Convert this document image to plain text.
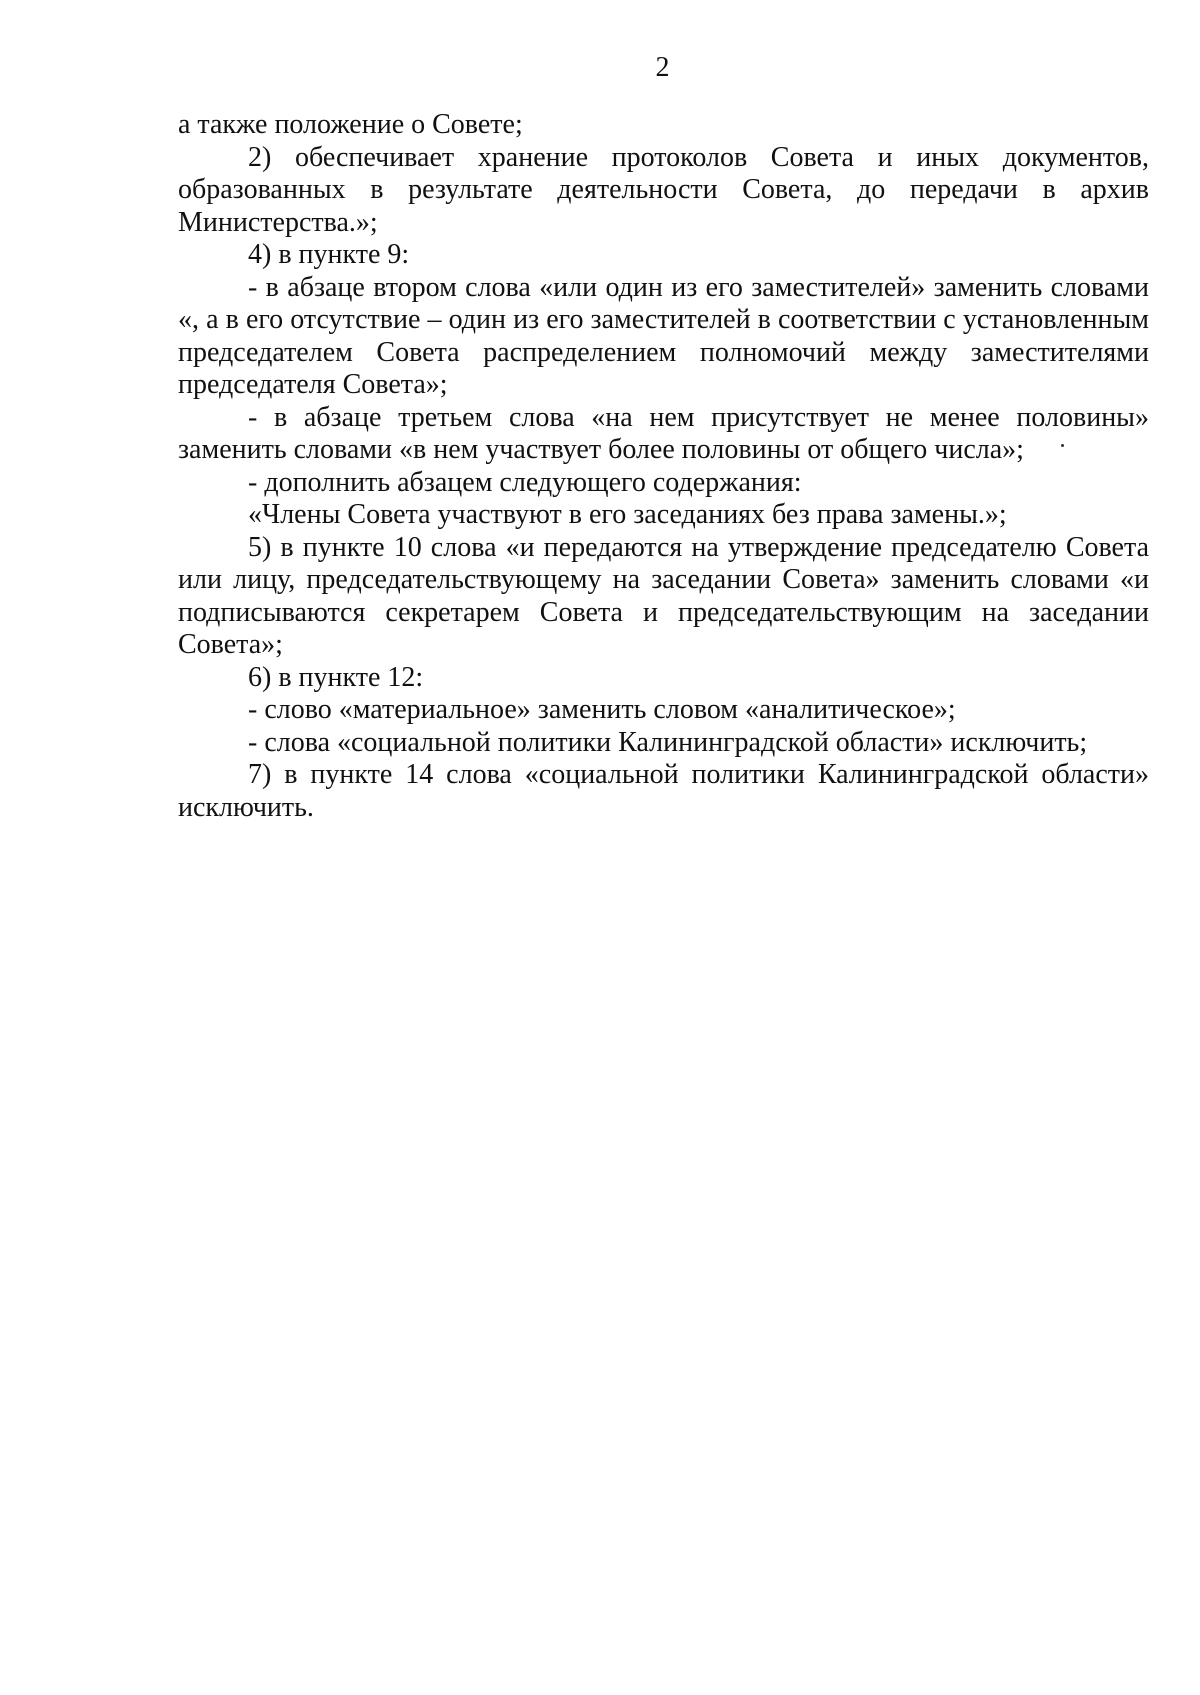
2

а также положение о Совете;

2) обеспечивает хранение протоколов Совета и иных документов, образованных в результате деятельности Совета, до передачи в архив Министерства.»;

4) в пункте 9:

- в абзаце втором слова «или один из его заместителей» заменить словами «, а в его отсутствие – один из его заместителей в соответствии с установленным председателем Совета распределением полномочий между заместителями председателя Совета»;

- в абзаце третьем слова «на нем присутствует не менее половины» заменить словами «в нем участвует более половины от общего числа»;

- дополнить абзацем следующего содержания:

«Члены Совета участвуют в его заседаниях без права замены.»;

5) в пункте 10 слова «и передаются на утверждение председателю Совета или лицу, председательствующему на заседании Совета» заменить словами «и подписываются секретарем Совета и председательствующим на заседании Совета»;

6) в пункте 12:

- слово «материальное» заменить словом «аналитическое»;

- слова «социальной политики Калининградской области» исключить;

7) в пункте 14 слова «социальной политики Калининградской области» исключить.
